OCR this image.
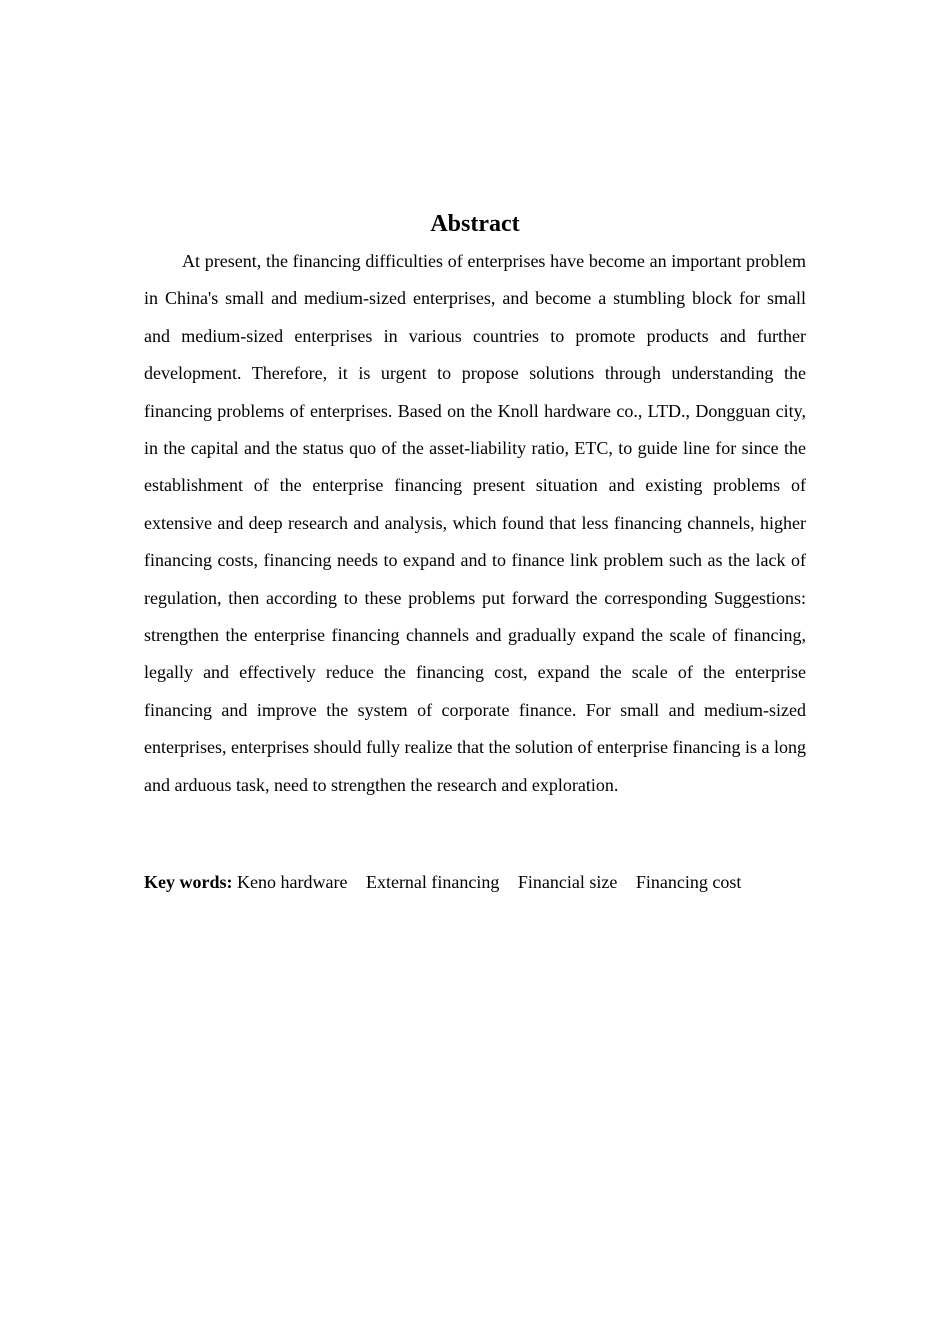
Abstract

At present, the financing difficulties of enterprises have become an important problem in China's small and medium-sized enterprises, and become a stumbling block for small and medium-sized enterprises in various countries to promote products and further development. Therefore, it is urgent to propose solutions through understanding the financing problems of enterprises. Based on the Knoll hardware co., LTD., Dongguan city, in the capital and the status quo of the asset-liability ratio, ETC, to guide line for since the establishment of the enterprise financing present situation and existing problems of extensive and deep research and analysis, which found that less financing channels, higher financing costs, financing needs to expand and to finance link problem such as the lack of regulation, then according to these problems put forward the corresponding Suggestions: strengthen the enterprise financing channels and gradually expand the scale of financing, legally and effectively reduce the financing cost, expand the scale of the enterprise financing and improve the system of corporate finance. For small and medium-sized enterprises, enterprises should fully realize that the solution of enterprise financing is a long and arduous task, need to strengthen the research and exploration.

Key words: Keno hardware External financing Financial size Financing cost
